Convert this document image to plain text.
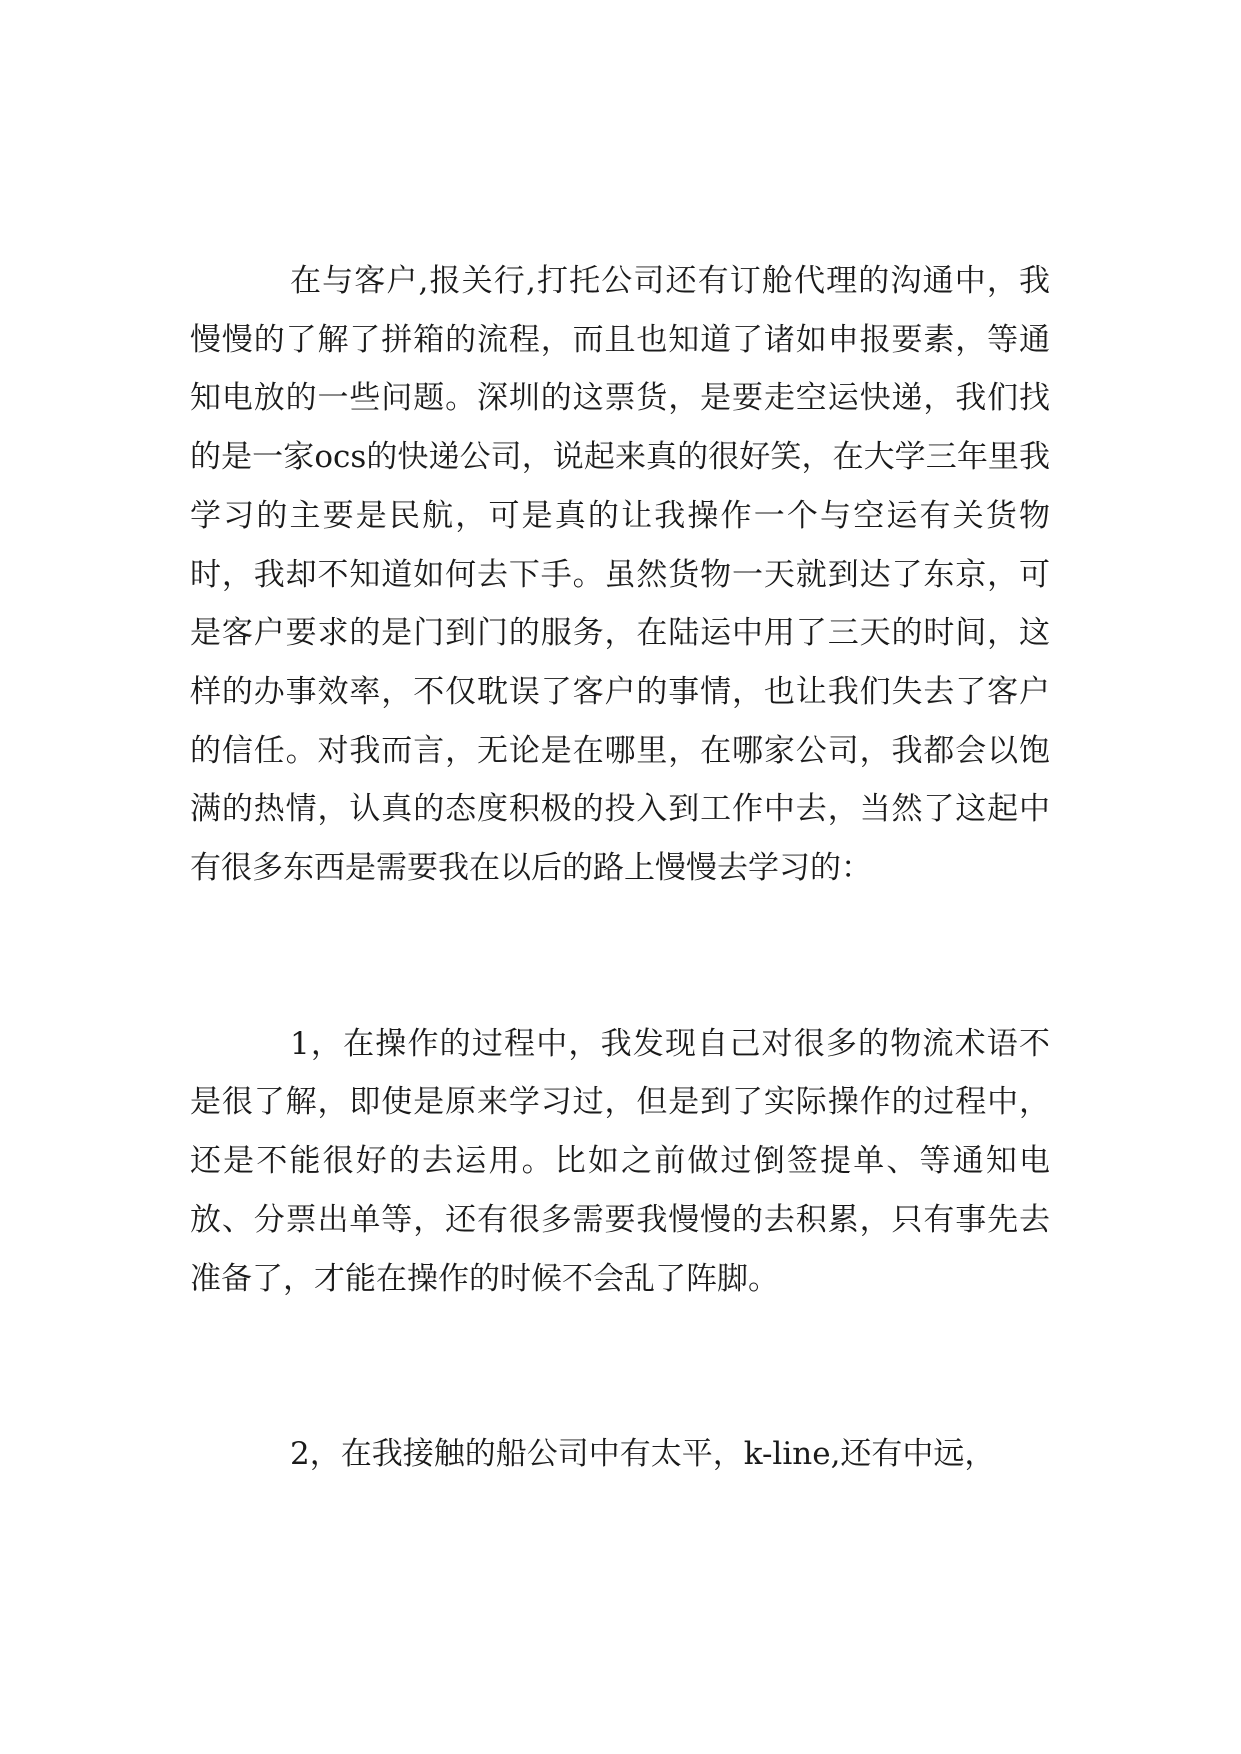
在与客户,报关行,打托公司还有订舱代理的沟通中，我慢慢的了解了拼箱的流程，而且也知道了诸如申报要素，等通知电放的一些问题。深圳的这票货，是要走空运快递，我们找的是一家ocs的快递公司，说起来真的很好笑，在大学三年里我学习的主要是民航，可是真的让我操作一个与空运有关货物时，我却不知道如何去下手。虽然货物一天就到达了东京，可是客户要求的是门到门的服务，在陆运中用了三天的时间，这样的办事效率，不仅耽误了客户的事情，也让我们失去了客户的信任。对我而言，无论是在哪里，在哪家公司，我都会以饱满的热情，认真的态度积极的投入到工作中去，当然了这起中有很多东西是需要我在以后的路上慢慢去学习的：

1，在操作的过程中，我发现自己对很多的物流术语不是很了解，即使是原来学习过，但是到了实际操作的过程中，还是不能很好的去运用。比如之前做过倒签提单、等通知电放、分票出单等，还有很多需要我慢慢的去积累，只有事先去准备了，才能在操作的时候不会乱了阵脚。

2，在我接触的船公司中有太平，k-line,还有中远，
